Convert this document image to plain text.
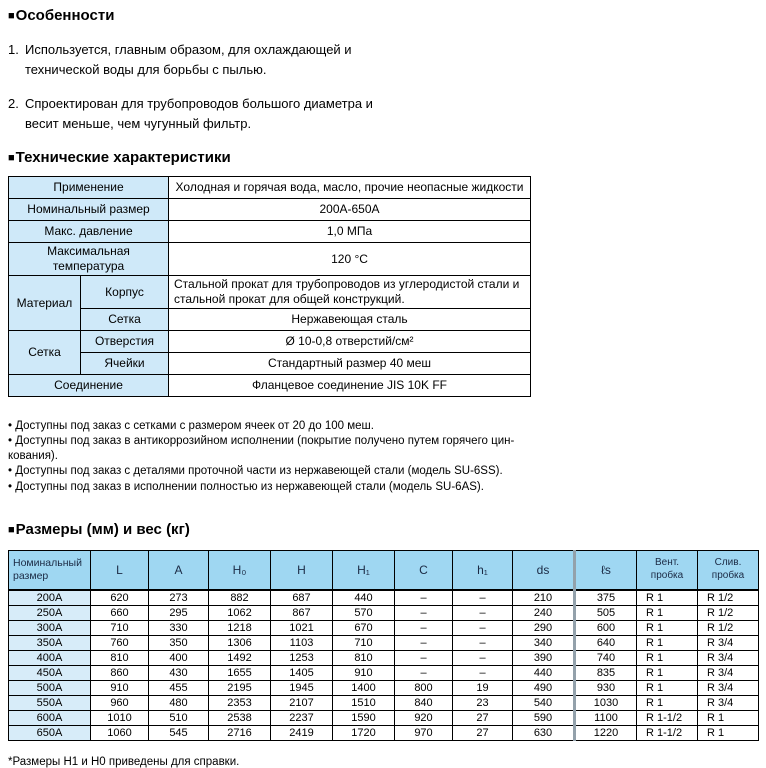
■Особенности
1. Используется, главным образом, для охлаждающей и
технической воды для борьбы с пылью.
2. Спроектирован для трубопроводов большого диаметра и
весит меньше, чем чугунный фильтр.
■Технические характеристики
Применение		Холодная и горячая вода, масло, прочие неопасные жидкости
Номинальный размер		200A-650A
Макс. давление		1,0 МПа
Максимальная
температура		120 °C
Материал	Корпус	Стальной прокат для трубопроводов из углеродистой стали и
стальной прокат для общей конструкций.
	Сетка	Нержавеющая сталь
Сетка	Отверстия	Ø 10-0,8 отверстий/см²
	Ячейки	Стандартный размер 40 меш
Соединение		Фланцевое соединение JIS 10K FF
• Доступны под заказ с сетками с размером ячеек от 20 до 100 меш.
• Доступны под заказ в антикоррозийном исполнении (покрытие получено путем горячего цин-
кования).
• Доступны под заказ с деталями проточной части из нержавеющей стали (модель SU-6SS).
• Доступны под заказ в исполнении полностью из нержавеющей стали (модель SU-6AS).
■Размеры (мм) и вес (кг)
Номинальный
размер	L	A	H₀	H	H₁	C	h₁	ds	ℓs	Вент.
пробка	Слив.
пробка
200A	620	273	882	687	440	–	–	210	375	R 1	R 1/2
250A	660	295	1062	867	570	–	–	240	505	R 1	R 1/2
300A	710	330	1218	1021	670	–	–	290	600	R 1	R 1/2
350A	760	350	1306	1103	710	–	–	340	640	R 1	R 3/4
400A	810	400	1492	1253	810	–	–	390	740	R 1	R 3/4
450A	860	430	1655	1405	910	–	–	440	835	R 1	R 3/4
500A	910	455	2195	1945	1400	800	19	490	930	R 1	R 3/4
550A	960	480	2353	2107	1510	840	23	540	1030	R 1	R 3/4
600A	1010	510	2538	2237	1590	920	27	590	1100	R 1-1/2	R 1
650A	1060	545	2716	2419	1720	970	27	630	1220	R 1-1/2	R 1
*Размеры H1 и H0 приведены для справки.
